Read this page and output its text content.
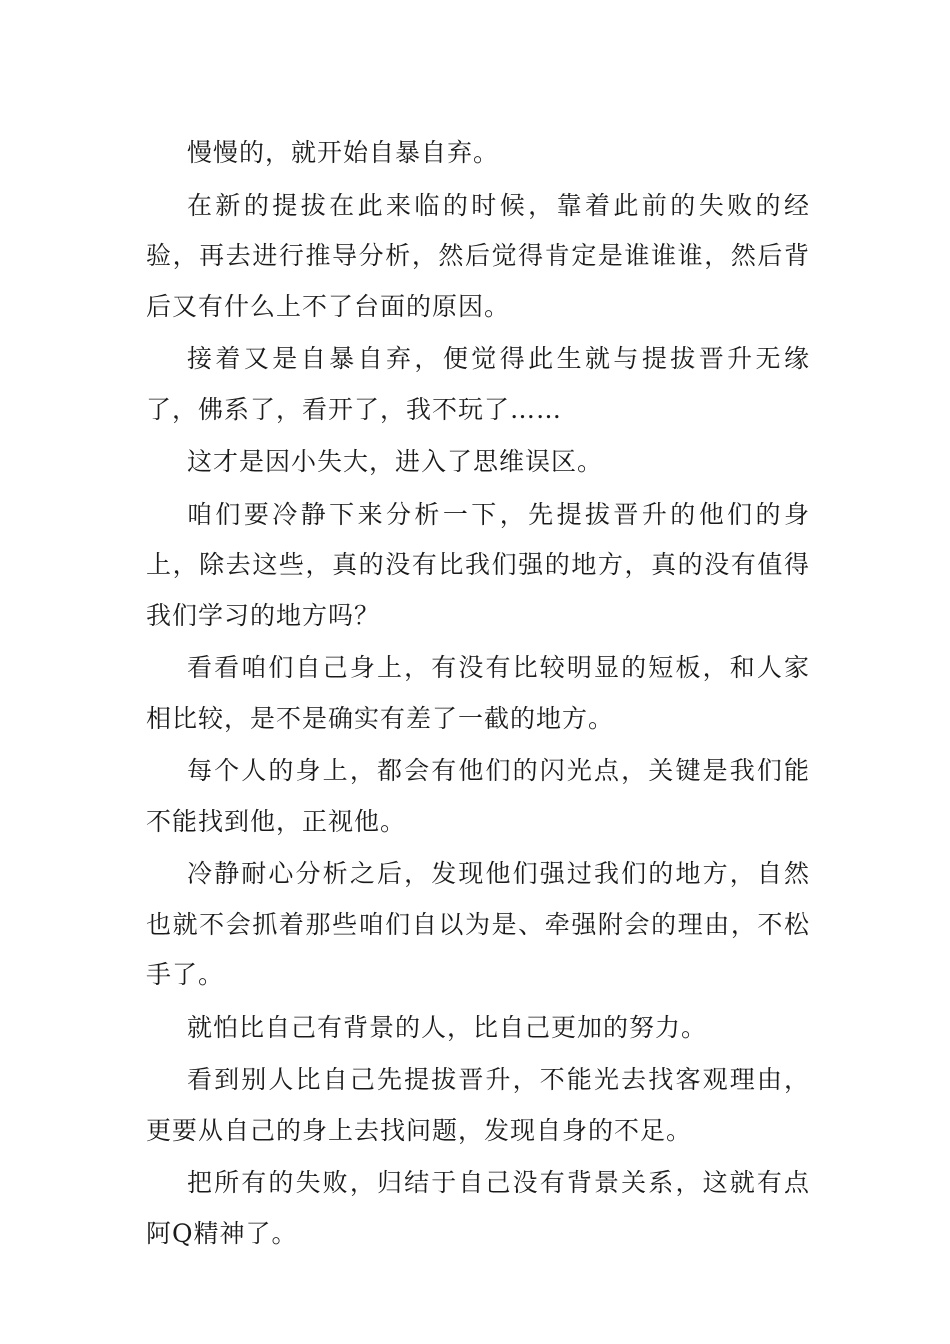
慢慢的，就开始自暴自弃。

在新的提拔在此来临的时候，靠着此前的失败的经验，再去进行推导分析，然后觉得肯定是谁谁谁，然后背后又有什么上不了台面的原因。

接着又是自暴自弃，便觉得此生就与提拔晋升无缘了，佛系了，看开了，我不玩了……

这才是因小失大，进入了思维误区。

咱们要冷静下来分析一下，先提拔晋升的他们的身上，除去这些，真的没有比我们强的地方，真的没有值得我们学习的地方吗？

看看咱们自己身上，有没有比较明显的短板，和人家相比较，是不是确实有差了一截的地方。

每个人的身上，都会有他们的闪光点，关键是我们能不能找到他，正视他。

冷静耐心分析之后，发现他们强过我们的地方，自然也就不会抓着那些咱们自以为是、牵强附会的理由，不松手了。

就怕比自己有背景的人，比自己更加的努力。

看到别人比自己先提拔晋升，不能光去找客观理由，更要从自己的身上去找问题，发现自身的不足。

把所有的失败，归结于自己没有背景关系，这就有点阿Q精神了。
